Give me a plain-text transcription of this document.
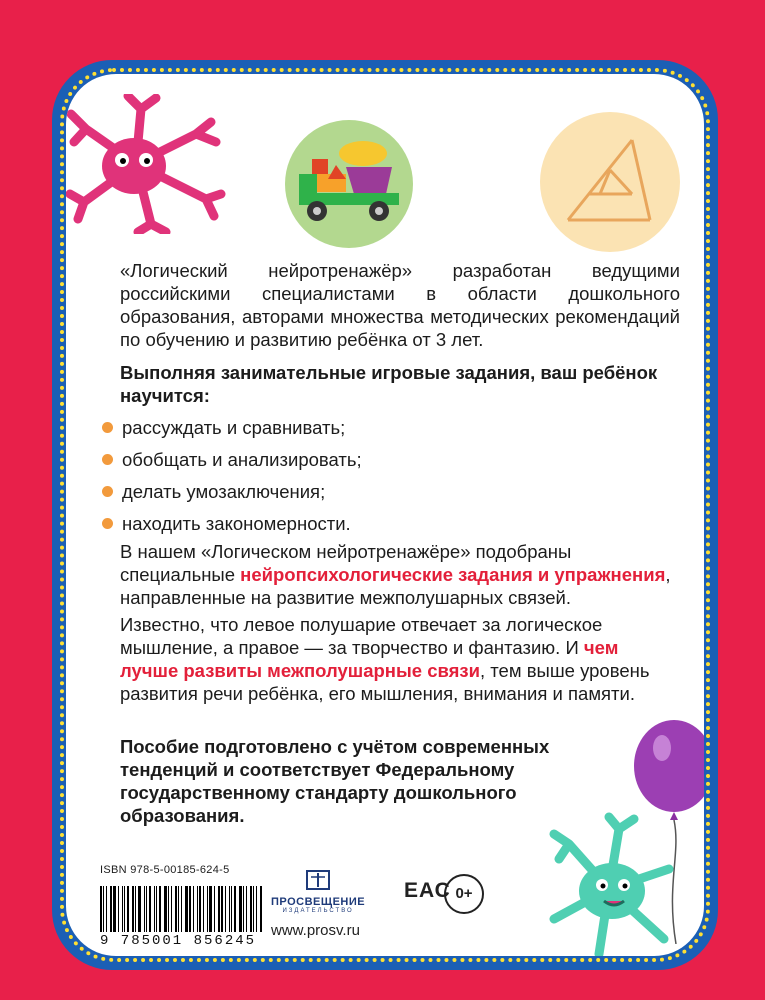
«Логический нейротренажёр» разработан ведущими российскими специалистами в области дошкольного образования, авторами множества методических рекомендаций по обучению и развитию ребёнка от 3 лет.
Выполняя занимательные игровые задания, ваш ребёнок научится:
рассуждать и сравнивать;
обобщать и анализировать;
делать умозаключения;
находить закономерности.
В нашем «Логическом нейротренажёре» подобраны специальные нейропсихологические задания и упражнения, направленные на развитие межполушарных связей.
Известно, что левое полушарие отвечает за логическое мышление, а правое — за творчество и фантазию. И чем лучше развиты межполушарные связи, тем выше уровень развития речи ребёнка, его мышления, внимания и памяти.
Пособие подготовлено с учётом современных тенденций и соответствует Федеральному государственному стандарту дошкольного образования.
ISBN 978-5-00185-624-5
9 785001 856245
ПРОСВЕЩЕНИЕ
ИЗДАТЕЛЬСТВО
ЕАС 0+
www.prosv.ru
